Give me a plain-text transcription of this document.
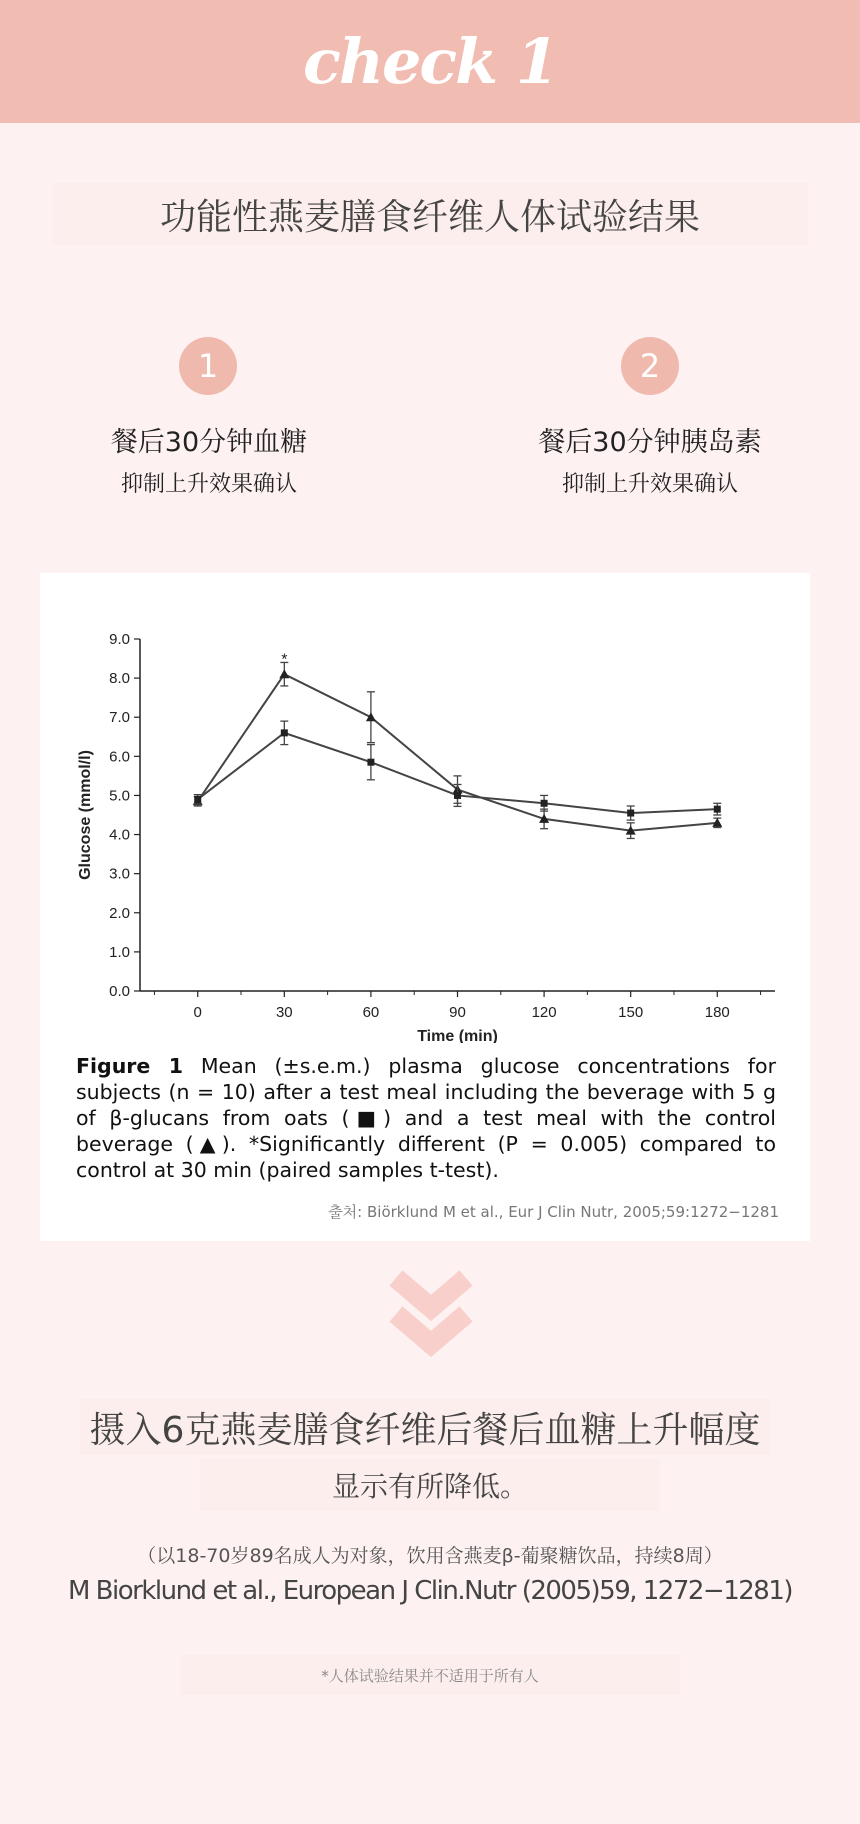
check 1
功能性燕麦膳食纤维人体试验结果
1
餐后30分钟血糖
抑制上升效果确认
2
餐后30分钟胰岛素
抑制上升效果确认
0.0
1.0
2.0
3.0
4.0
5.0
6.0
7.0
8.0
9.0
0	30	60	90	120	150	180
Time (min)
Glucose (mmol/l)
*
Figure 1 Mean (±s.e.m.) plasma glucose concentrations for subjects (n = 10) after a test meal including the beverage with 5 g of β-glucans from oats (■) and a test meal with the control beverage (▲). *Significantly different (P = 0.005) compared to control at 30 min (paired samples t-test).
출처: Biörklund M et al., Eur J Clin Nutr, 2005;59:1272−1281
摄入6克燕麦膳食纤维后餐后血糖上升幅度
显示有所降低。
（以18-70岁89名成人为对象，饮用含燕麦β-葡聚糖饮品，持续8周）
M Biorklund et al., European J Clin.Nutr (2005)59, 1272−1281)
*人体试验结果并不适用于所有人
